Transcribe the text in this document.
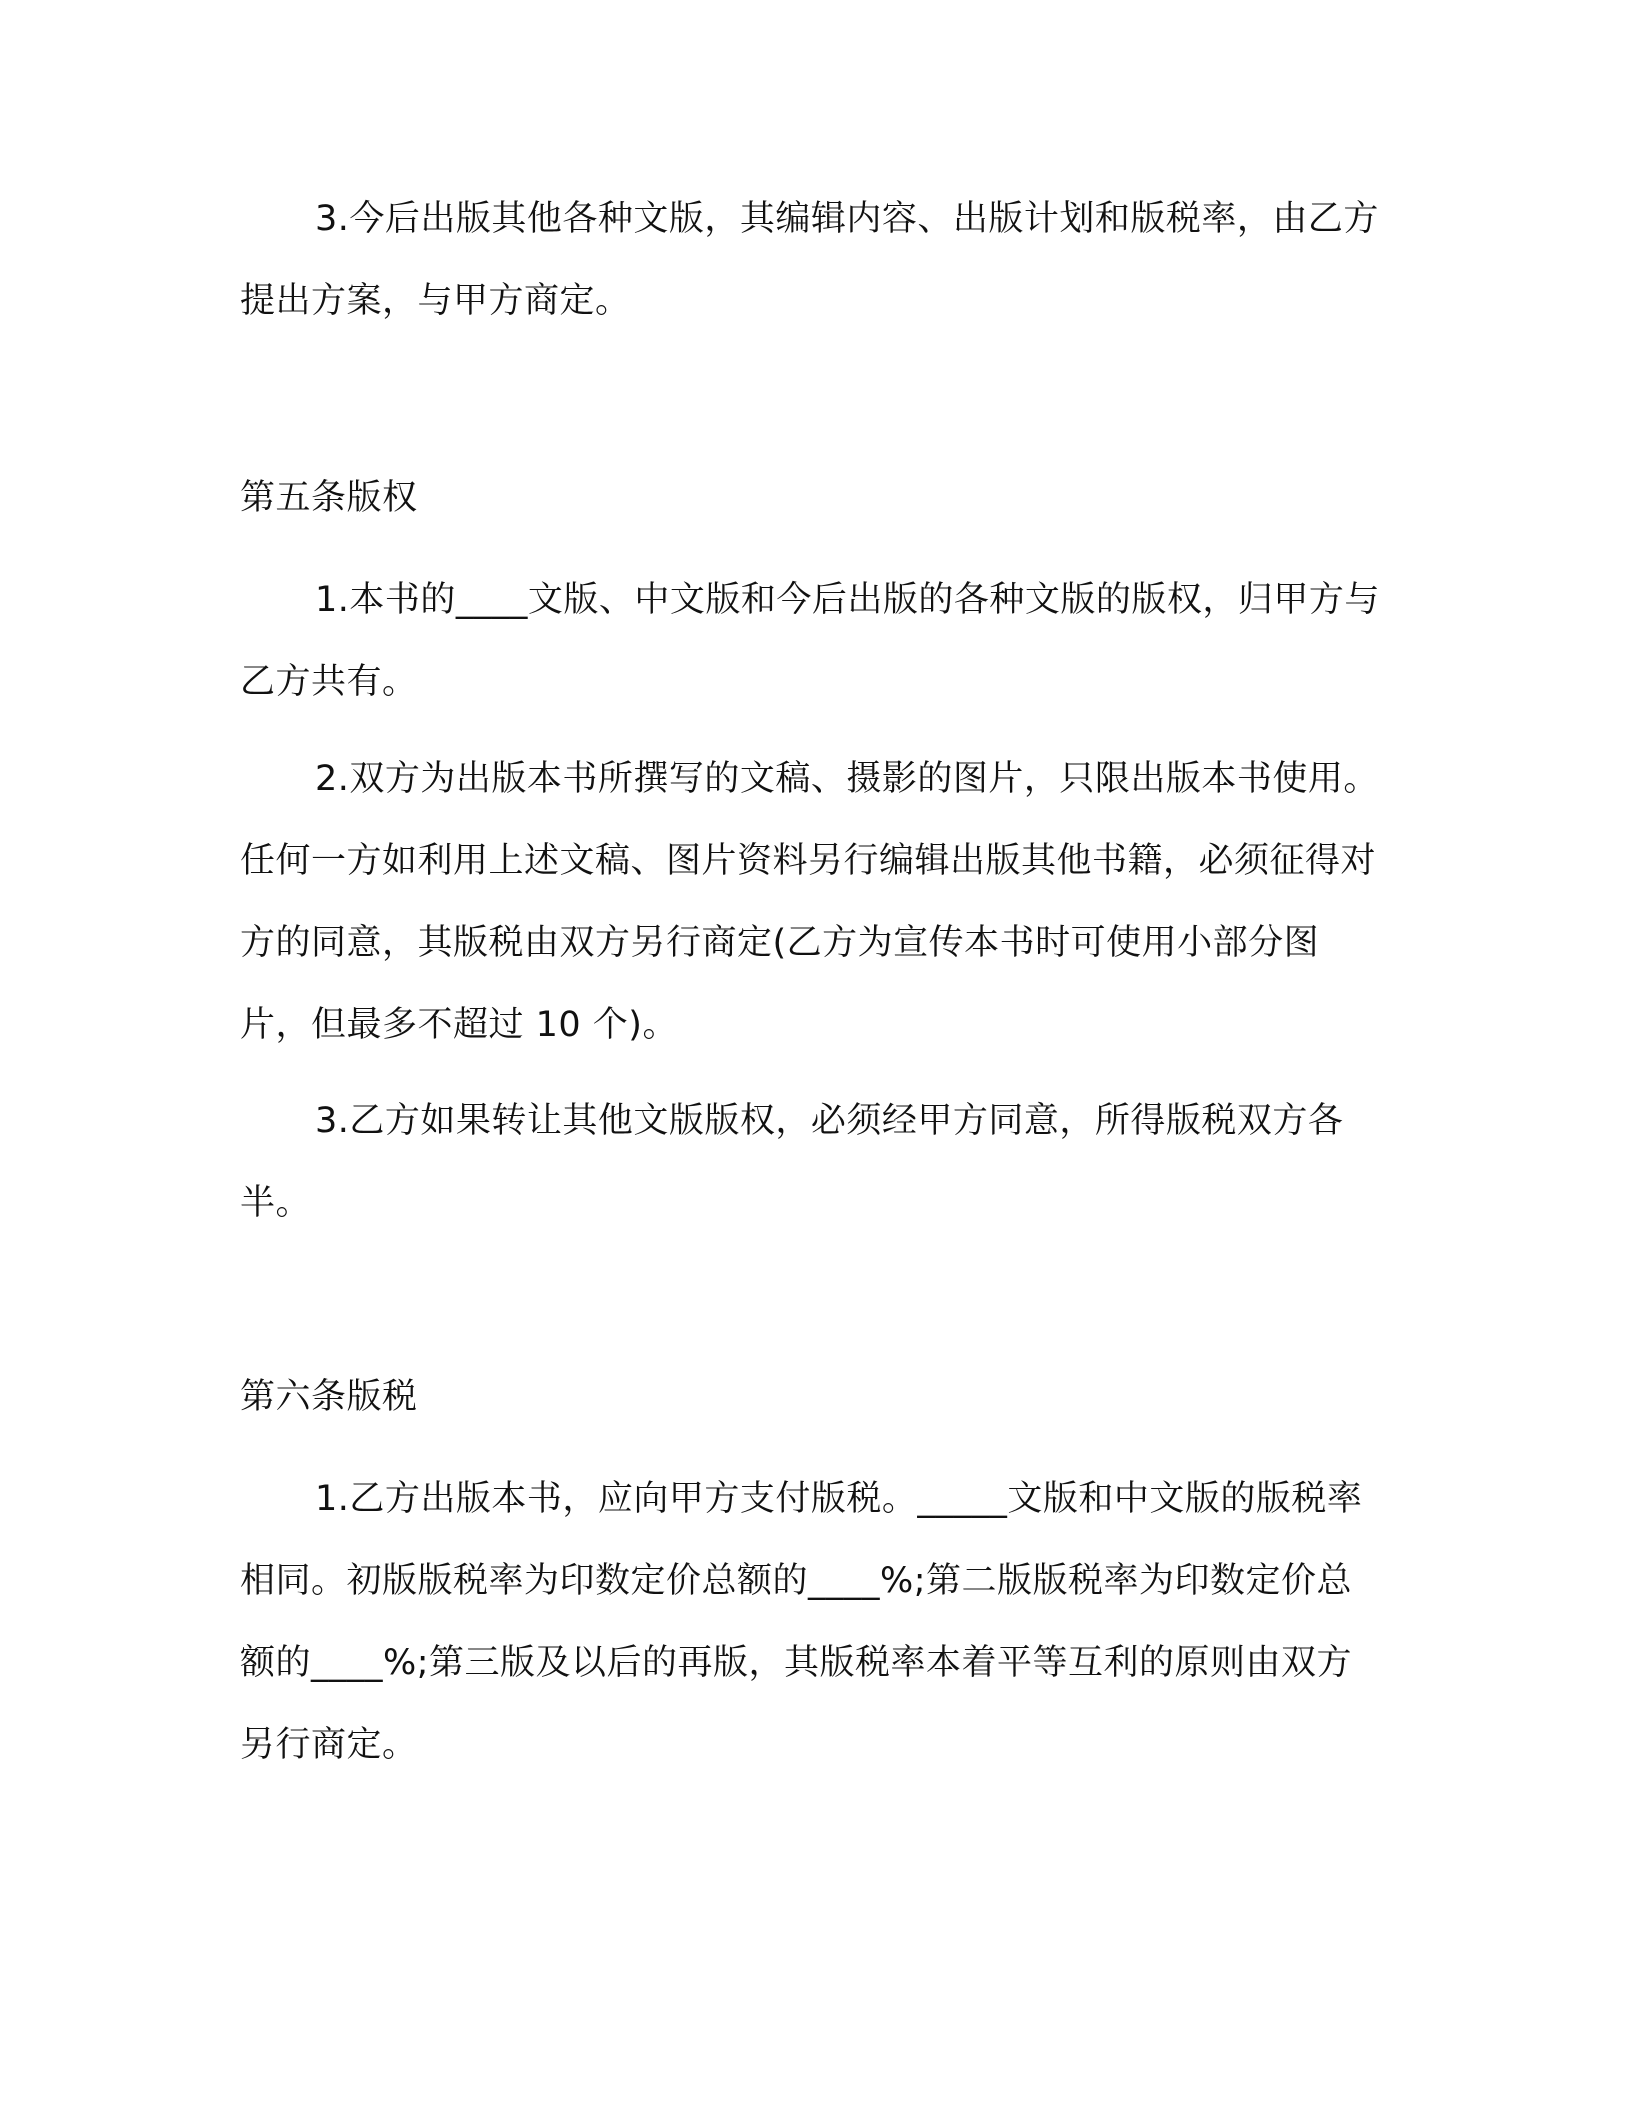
3.今后出版其他各种文版，其编辑内容、出版计划和版税率，由乙方提出方案，与甲方商定。

第五条版权

1.本书的____文版、中文版和今后出版的各种文版的版权，归甲方与乙方共有。

2.双方为出版本书所撰写的文稿、摄影的图片，只限出版本书使用。任何一方如利用上述文稿、图片资料另行编辑出版其他书籍，必须征得对方的同意，其版税由双方另行商定(乙方为宣传本书时可使用小部分图片，但最多不超过 10 个)。

3.乙方如果转让其他文版版权，必须经甲方同意，所得版税双方各半。

第六条版税

1.乙方出版本书，应向甲方支付版税。_____文版和中文版的版税率相同。初版版税率为印数定价总额的____%;第二版版税率为印数定价总额的____%;第三版及以后的再版，其版税率本着平等互利的原则由双方另行商定。
